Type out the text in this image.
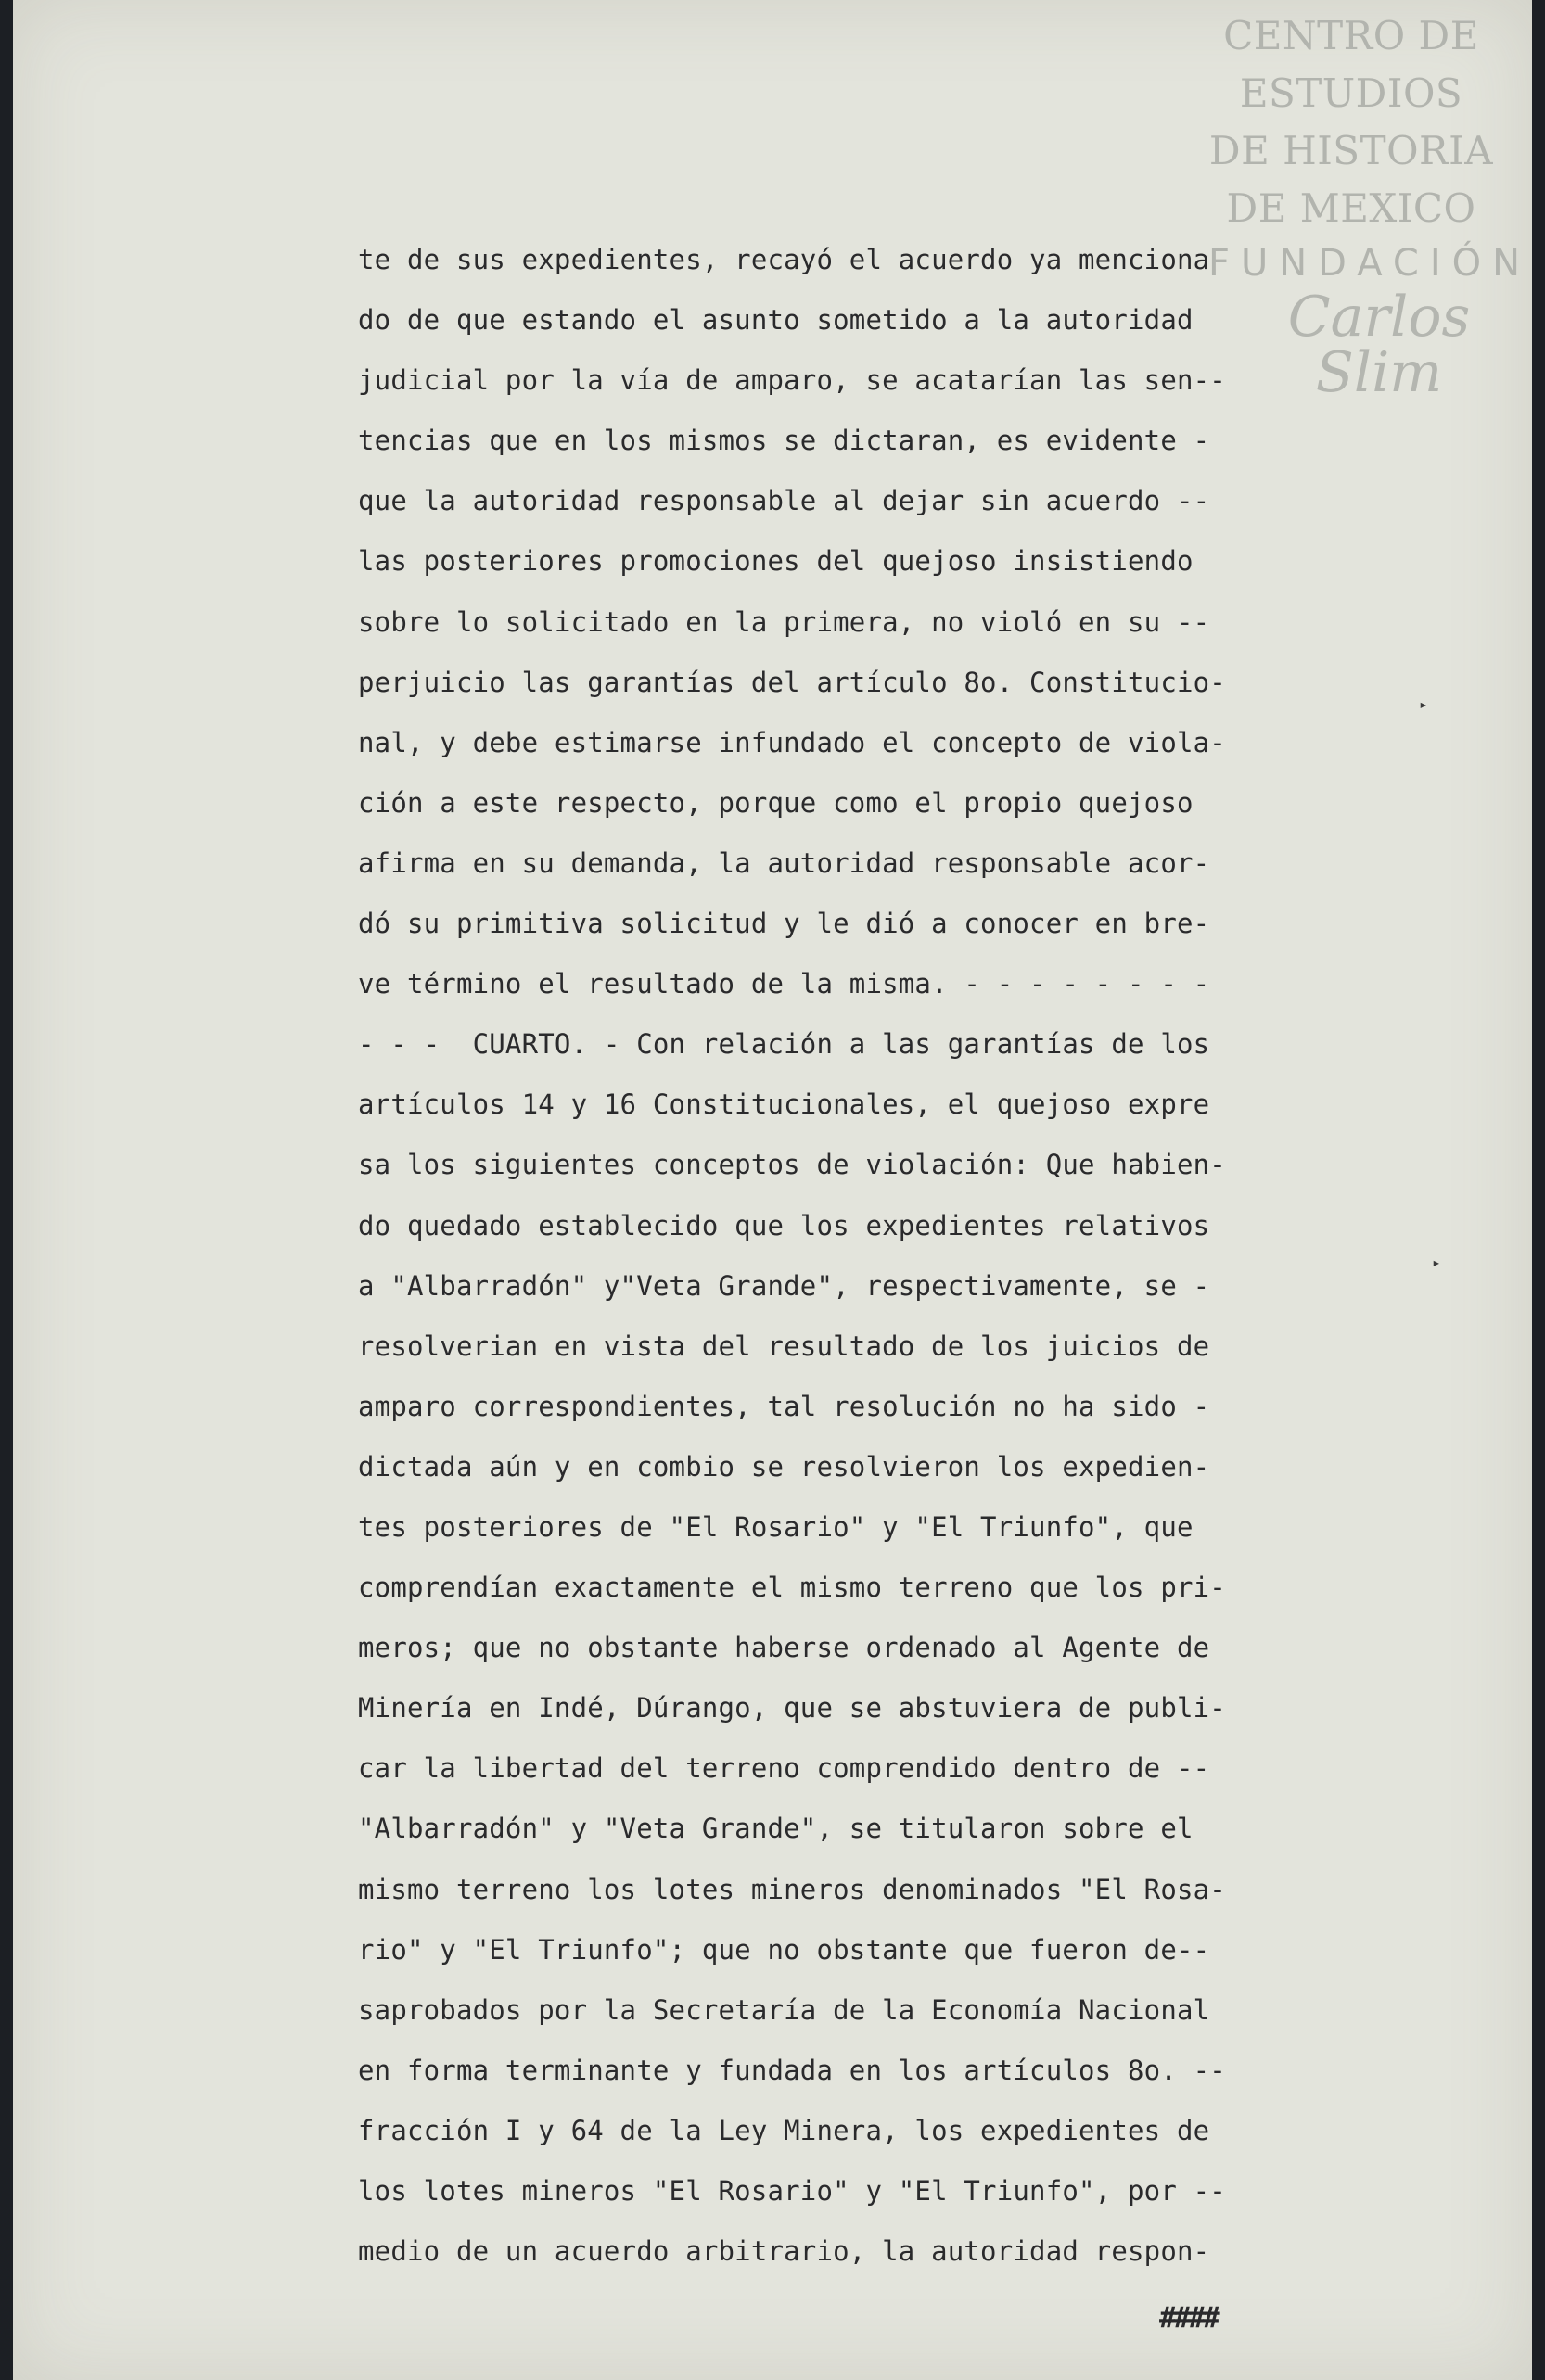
CENTRO DE
ESTUDIOS
DE HISTORIA
DE MEXICO
FUNDACIÓN
Carlos Slim
te de sus expedientes, recayó el acuerdo ya menciona
do de que estando el asunto sometido a la autoridad
judicial por la vía de amparo, se acatarían las sen--
tencias que en los mismos se dictaran, es evidente -
que la autoridad responsable al dejar sin acuerdo --
las posteriores promociones del quejoso insistiendo
sobre lo solicitado en la primera, no violó en su --
perjuicio las garantías del artículo 8o. Constitucio-
nal, y debe estimarse infundado el concepto de viola-
ción a este respecto, porque como el propio quejoso
afirma en su demanda, la autoridad responsable acor-
dó su primitiva solicitud y le dió a conocer en bre-
ve término el resultado de la misma. - - - - - - - -
- - -  CUARTO. - Con relación a las garantías de los
artículos 14 y 16 Constitucionales, el quejoso expre
sa los siguientes conceptos de violación: Que habien-
do quedado establecido que los expedientes relativos
a "Albarradón" y"Veta Grande", respectivamente, se -
resolverian en vista del resultado de los juicios de
amparo correspondientes, tal resolución no ha sido -
dictada aún y en combio se resolvieron los expedien-
tes posteriores de "El Rosario" y "El Triunfo", que
comprendían exactamente el mismo terreno que los pri-
meros; que no obstante haberse ordenado al Agente de
Minería en Indé, Dúrango, que se abstuviera de publi-
car la libertad del terreno comprendido dentro de --
"Albarradón" y "Veta Grande", se titularon sobre el
mismo terreno los lotes mineros denominados "El Rosa-
rio" y "El Triunfo"; que no obstante que fueron de--
saprobados por la Secretaría de la Economía Nacional
en forma terminante y fundada en los artículos 8o. --
fracción I y 64 de la Ley Minera, los expedientes de
los lotes mineros "El Rosario" y "El Triunfo", por --
medio de un acuerdo arbitrario, la autoridad respon-
▸
▸
####
